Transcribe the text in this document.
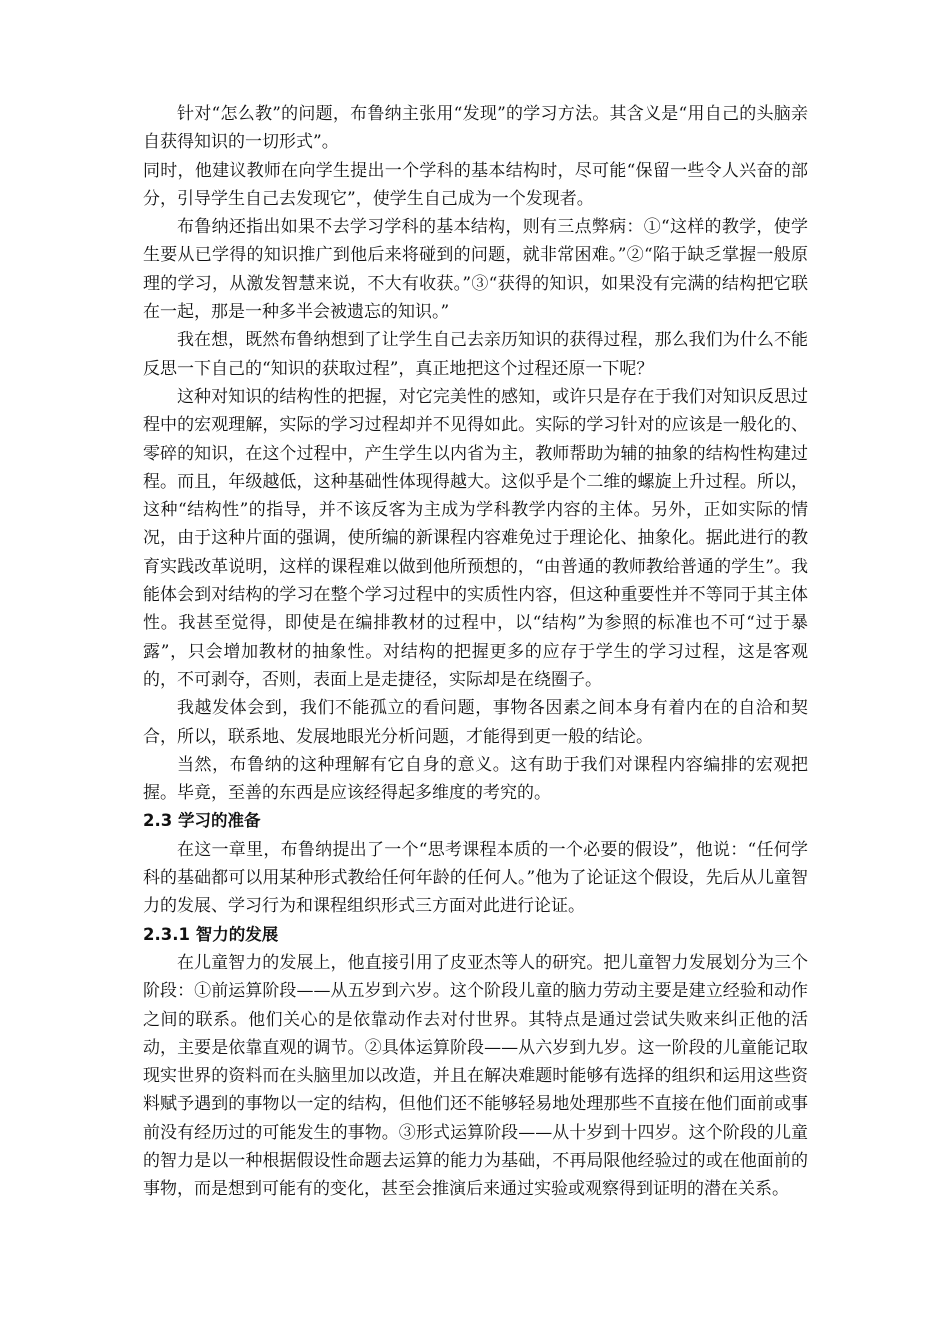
针对“怎么教”的问题，布鲁纳主张用“发现”的学习方法。其含义是“用自己的头脑亲自获得知识的一切形式”。

同时，他建议教师在向学生提出一个学科的基本结构时，尽可能“保留一些令人兴奋的部分，引导学生自己去发现它”，使学生自己成为一个发现者。

布鲁纳还指出如果不去学习学科的基本结构，则有三点弊病：①“这样的教学，使学生要从已学得的知识推广到他后来将碰到的问题，就非常困难。”②“陷于缺乏掌握一般原理的学习，从激发智慧来说，不大有收获。”③“获得的知识，如果没有完满的结构把它联在一起，那是一种多半会被遗忘的知识。”

我在想，既然布鲁纳想到了让学生自己去亲历知识的获得过程，那么我们为什么不能反思一下自己的“知识的获取过程”，真正地把这个过程还原一下呢？

这种对知识的结构性的把握，对它完美性的感知，或许只是存在于我们对知识反思过程中的宏观理解，实际的学习过程却并不见得如此。实际的学习针对的应该是一般化的、零碎的知识，在这个过程中，产生学生以内省为主，教师帮助为辅的抽象的结构性构建过程。而且，年级越低，这种基础性体现得越大。这似乎是个二维的螺旋上升过程。所以，这种“结构性”的指导，并不该反客为主成为学科教学内容的主体。另外，正如实际的情况，由于这种片面的强调，使所编的新课程内容难免过于理论化、抽象化。据此进行的教育实践改革说明，这样的课程难以做到他所预想的，“由普通的教师教给普通的学生”。我能体会到对结构的学习在整个学习过程中的实质性内容，但这种重要性并不等同于其主体性。我甚至觉得，即使是在编排教材的过程中，以“结构”为参照的标准也不可“过于暴露”，只会增加教材的抽象性。对结构的把握更多的应存于学生的学习过程，这是客观的，不可剥夺，否则，表面上是走捷径，实际却是在绕圈子。

我越发体会到，我们不能孤立的看问题，事物各因素之间本身有着内在的自洽和契合，所以，联系地、发展地眼光分析问题，才能得到更一般的结论。

当然，布鲁纳的这种理解有它自身的意义。这有助于我们对课程内容编排的宏观把握。毕竟，至善的东西是应该经得起多维度的考究的。

2.3 学习的准备

在这一章里，布鲁纳提出了一个“思考课程本质的一个必要的假设”，他说：“任何学科的基础都可以用某种形式教给任何年龄的任何人。”他为了论证这个假设，先后从儿童智力的发展、学习行为和课程组织形式三方面对此进行论证。

2.3.1 智力的发展

在儿童智力的发展上，他直接引用了皮亚杰等人的研究。把儿童智力发展划分为三个阶段：①前运算阶段——从五岁到六岁。这个阶段儿童的脑力劳动主要是建立经验和动作之间的联系。他们关心的是依靠动作去对付世界。其特点是通过尝试失败来纠正他的活动，主要是依靠直观的调节。②具体运算阶段——从六岁到九岁。这一阶段的儿童能记取现实世界的资料而在头脑里加以改造，并且在解决难题时能够有选择的组织和运用这些资料赋予遇到的事物以一定的结构，但他们还不能够轻易地处理那些不直接在他们面前或事前没有经历过的可能发生的事物。③形式运算阶段——从十岁到十四岁。这个阶段的儿童的智力是以一种根据假设性命题去运算的能力为基础，不再局限他经验过的或在他面前的事物，而是想到可能有的变化，甚至会推演后来通过实验或观察得到证明的潜在关系。
